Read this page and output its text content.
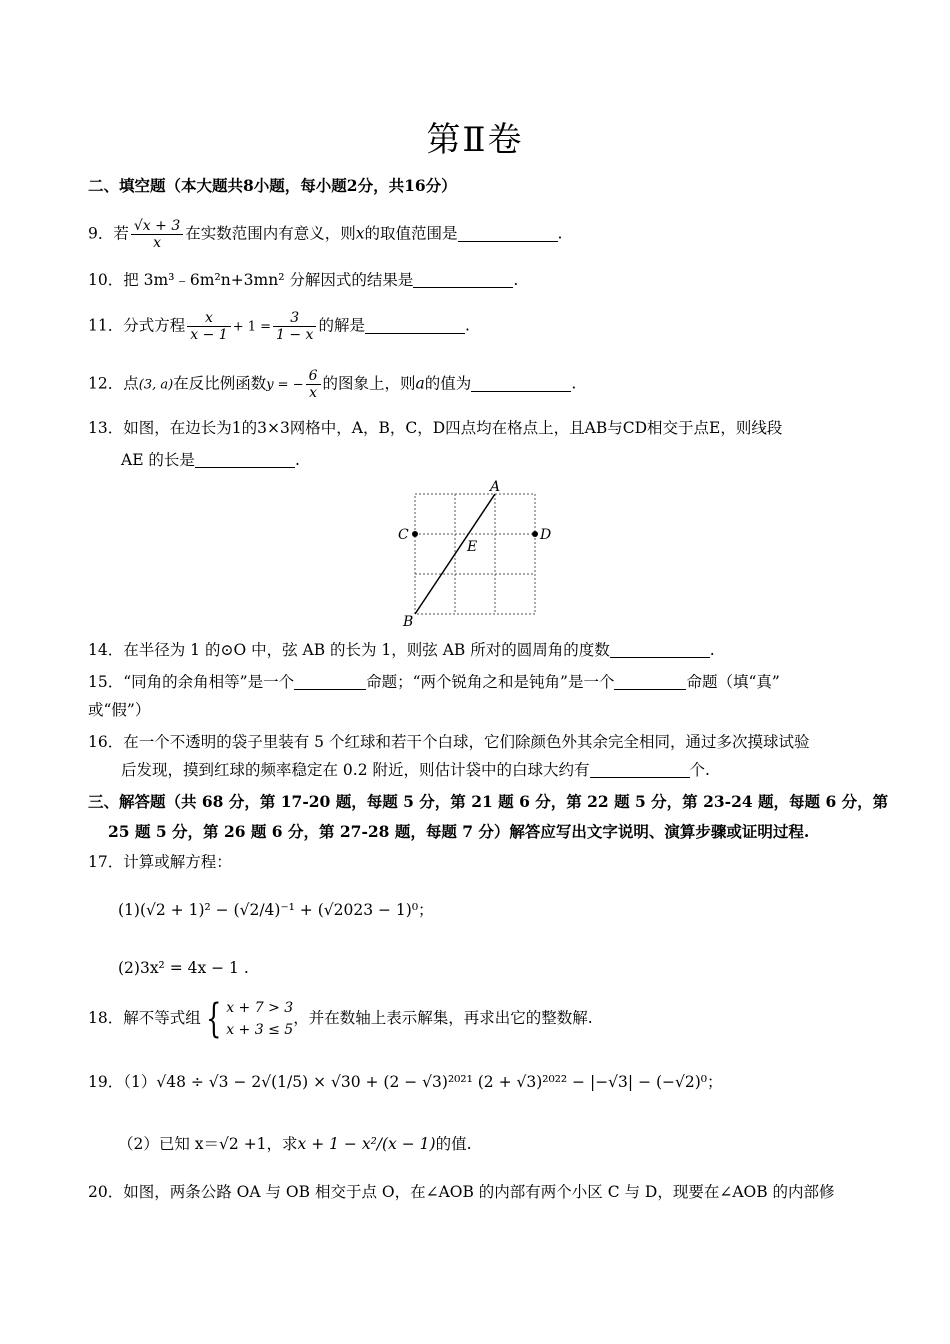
第Ⅱ卷
二、填空题（本大题共8小题，每小题2分，共16分）
9．若 $\frac{√x + 3}{x}$ 在实数范围内有意义，则x的取值范围是	.
10．把 3m³﹣6m²n+3mn² 分解因式的结果是	.
11．分式方程 $\frac{x}{x - 1} + 1 = \frac{3}{1 - x}$ 的解是	.
12．点(3, a)在反比例函数y = − $\frac{6}{x}$ 的图象上，则a的值为	.
13．如图，在边长为1的3×3网格中，A，B，C，D四点均在格点上，且AB与CD相交于点E，则线段
AE 的长是	.
A
B
C	D
E
14．在半径为 1 的⊙O 中，弦 AB 的长为 1，则弦 AB 所对的圆周角的度数	.
15．“同角的余角相等”是一个	命题；“两个锐角之和是钝角”是一个	命题（填“真”
或“假”）
16．在一个不透明的袋子里装有 5 个红球和若干个白球，它们除颜色外其余完全相同，通过多次摸球试验
后发现，摸到红球的频率稳定在 0.2 附近，则估计袋中的白球大约有	个.
三、解答题（共 68 分，第 17-20 题，每题 5 分，第 21 题 6 分，第 22 题 5 分，第 23-24 题，每题 6 分，第
25 题 5 分，第 26 题 6 分，第 27-28 题，每题 7 分）解答应写出文字说明、演算步骤或证明过程.
17．计算或解方程：
(1)(√2 + 1)² − (√2/4)⁻¹ + (√2023 − 1)⁰；
(2)3x² = 4x − 1 .
18．解不等式组 { x + 7 > 3
x + 3 ≤ 5
，并在数轴上表示解集，再求出它的整数解.
19．（1）√48 ÷ √3 − 2√(1/5) × √30 + (2 − √3)²⁰²¹ (2 + √3)²⁰²² − |−√3| − (−√2)⁰；
（2）已知 x＝√2 +1，求x + 1 − x²/(x − 1)的值.
20．如图，两条公路 OA 与 OB 相交于点 O，在∠AOB 的内部有两个小区 C 与 D，现要在∠AOB 的内部修
